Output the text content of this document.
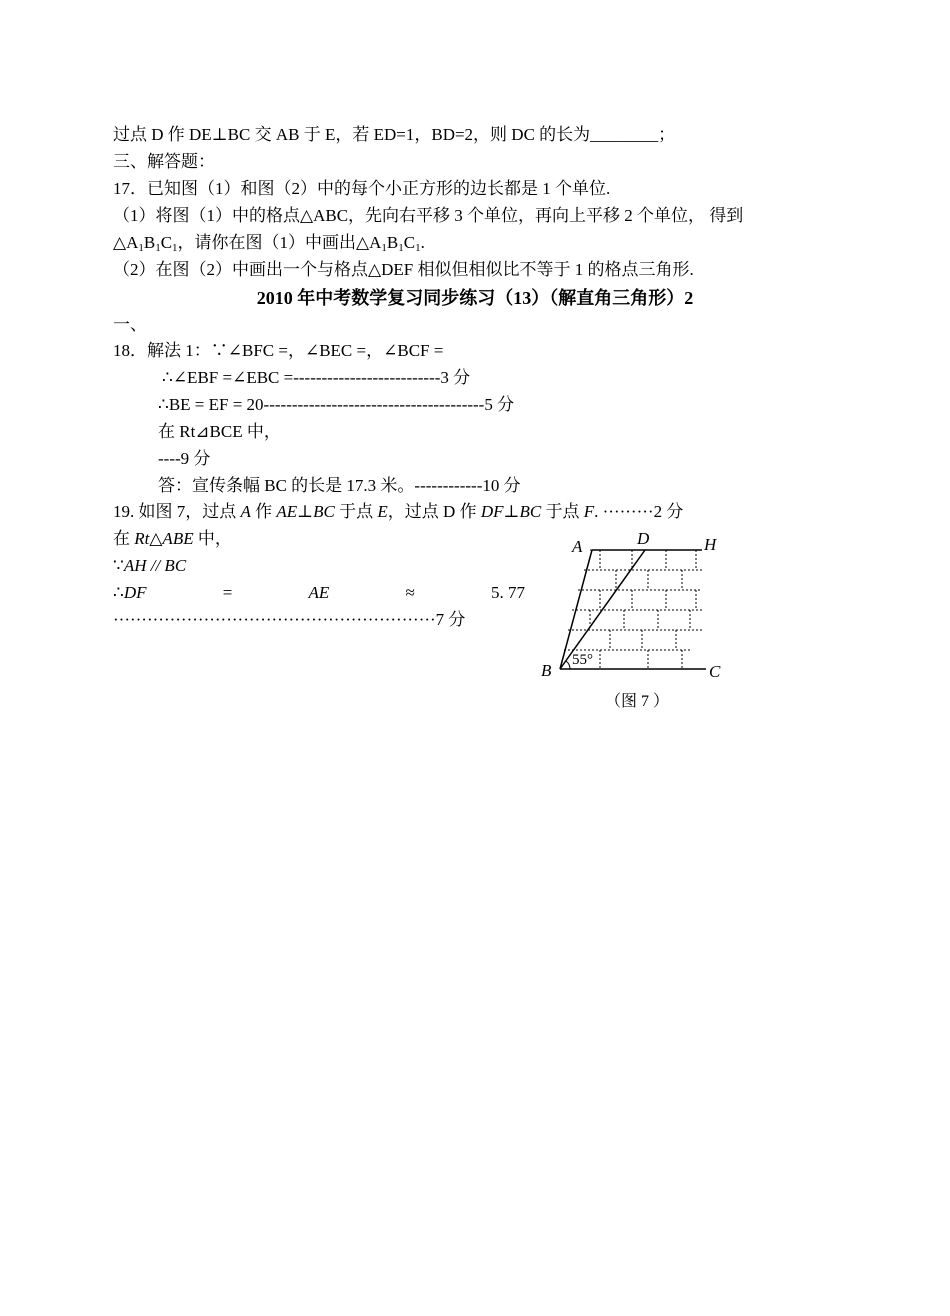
过点 D 作 DE⊥BC 交 AB 于 E，若 ED=1，BD=2，则 DC 的长为________；
三、解答题：
17．已知图（1）和图（2）中的每个小正方形的边长都是 1 个单位.
（1）将图（1）中的格点△ABC，先向右平移 3 个单位，再向上平移 2 个单位， 得到
$\triangle A_1B_1C_1$，请你在图（1）中画出$\triangle A_1B_1C_1$.
（2）在图（2）中画出一个与格点△DEF 相似但相似比不等于 1 的格点三角形.
2010 年中考数学复习同步练习（13）（解直角三角形）2
一、
18．解法 1：∵∠BFC =，∠BEC =，∠BCF =
∴∠EBF =∠EBC =--------------------------3 分
∴BE = EF = 20---------------------------------------5 分
在 Rt⊿BCE 中，
----9 分
答：宣传条幅 BC 的长是 17.3 米。------------10 分
19. 如图 7，过点 A 作 AE⊥BC 于点 E，过点 D 作 DF⊥BC 于点 F. ·········2 分
在 Rt△ABE 中，
∵AH // BC
∴DF	=	AE	≈	5. 77
·························································7 分
A	D	H
B	C
55°
（图 7 ）
